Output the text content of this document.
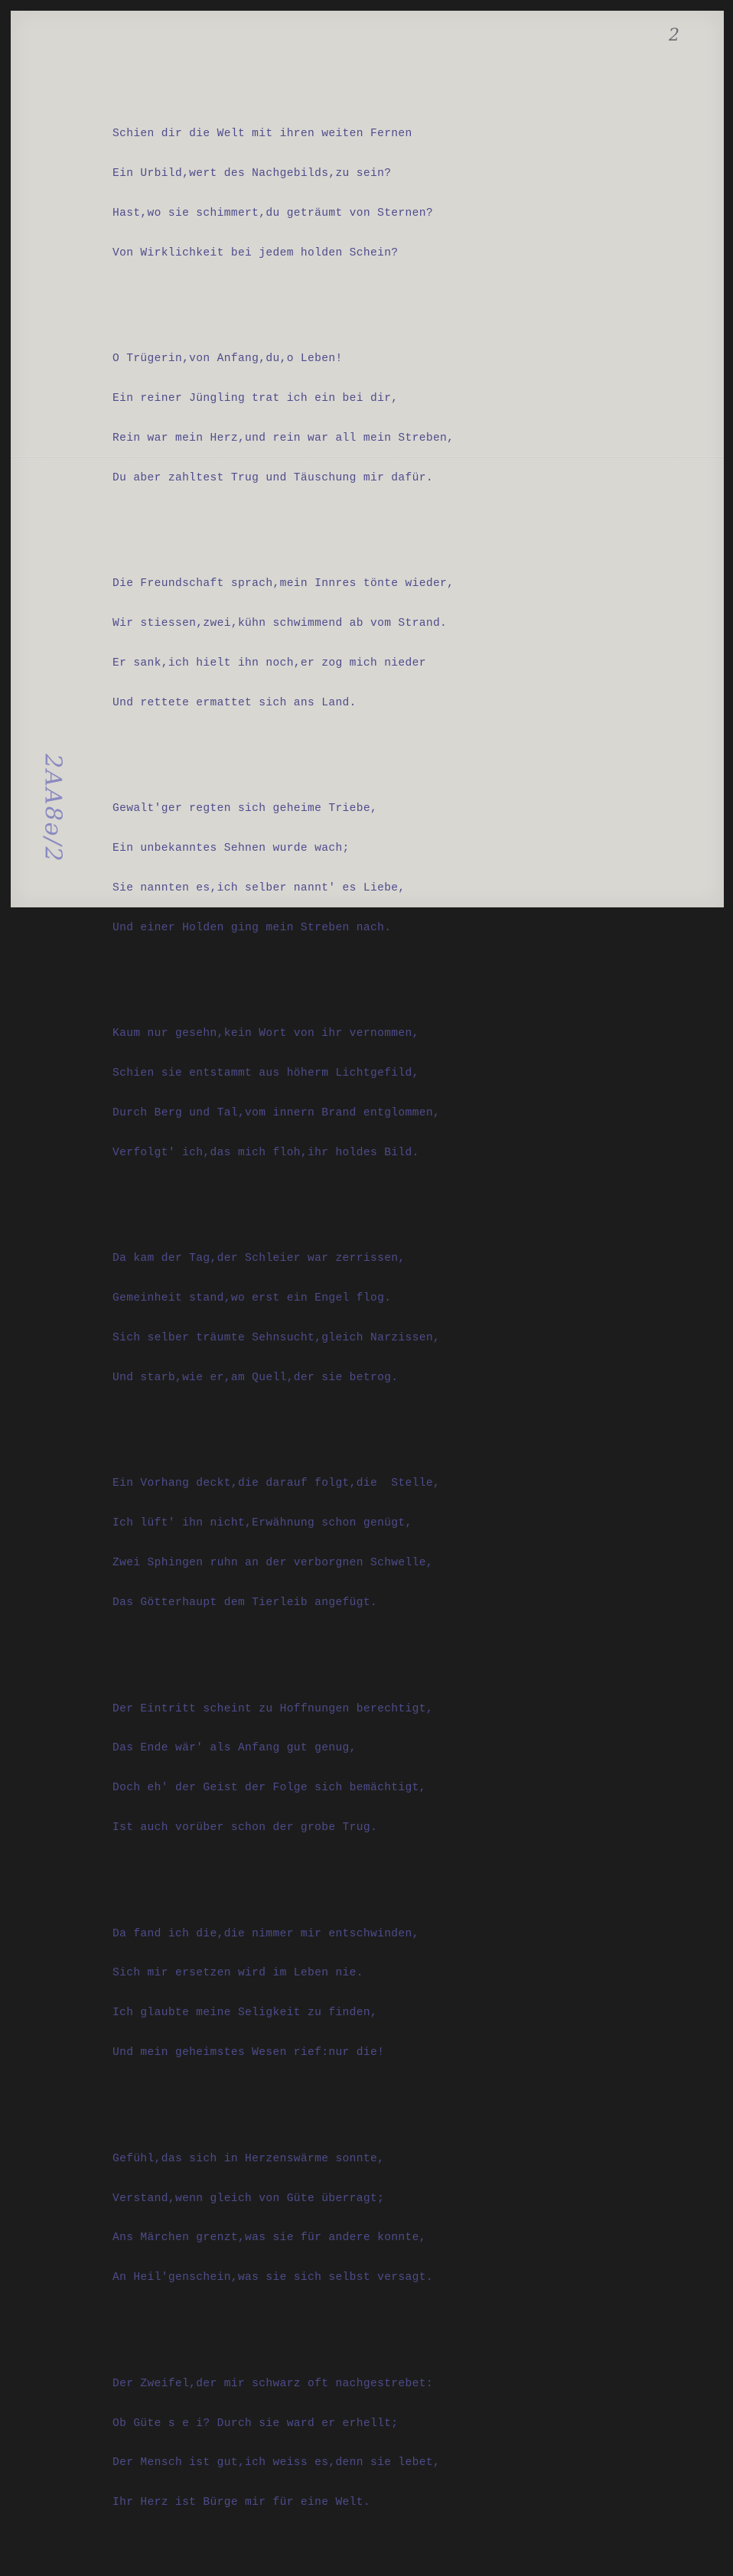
2

Schien dir die Welt mit ihren weiten Fernen

Ein Urbild,wert des Nachgebilds,zu sein?

Hast,wo sie schimmert,du geträumt von Sternen?

Von Wirklichkeit bei jedem holden Schein?

O Trügerin,von Anfang,du,o Leben!

Ein reiner Jüngling trat ich ein bei dir,

Rein war mein Herz,und rein war all mein Streben,

Du aber zahltest Trug und Täuschung mir dafür.

Die Freundschaft sprach,mein Innres tönte wieder,

Wir stiessen,zwei,kühn schwimmend ab vom Strand.

Er sank,ich hielt ihn noch,er zog mich nieder

Und rettete ermattet sich ans Land.

Gewalt'ger regten sich geheime Triebe,

Ein unbekanntes Sehnen wurde wach;

Sie nannten es,ich selber nannt' es Liebe,

Und einer Holden ging mein Streben nach.

Kaum nur gesehn,kein Wort von ihr vernommen,

Schien sie entstammt aus höherm Lichtgefild,

Durch Berg und Tal,vom innern Brand entglommen,

Verfolgt' ich,das mich floh,ihr holdes Bild.

Da kam der Tag,der Schleier war zerrissen,

Gemeinheit stand,wo erst ein Engel flog.

Sich selber träumte Sehnsucht,gleich Narzissen,

Und starb,wie er,am Quell,der sie betrog.

Ein Vorhang deckt,die darauf folgt,die  Stelle,

Ich lüft' ihn nicht,Erwähnung schon genügt,

Zwei Sphingen ruhn an der verborgnen Schwelle,

Das Götterhaupt dem Tierleib angefügt.

Der Eintritt scheint zu Hoffnungen berechtigt,

Das Ende wär' als Anfang gut genug,

Doch eh' der Geist der Folge sich bemächtigt,

Ist auch vorüber schon der grobe Trug.

Da fand ich die,die nimmer mir entschwinden,

Sich mir ersetzen wird im Leben nie.

Ich glaubte meine Seligkeit zu finden,

Und mein geheimstes Wesen rief:nur die!

Gefühl,das sich in Herzenswärme sonnte,

Verstand,wenn gleich von Güte überragt;

Ans Märchen grenzt,was sie für andere konnte,

An Heil'genschein,was sie sich selbst versagt.

Der Zweifel,der mir schwarz oft nachgestrebet:

Ob Güte s e i? Durch sie ward er erhellt;

Der Mensch ist gut,ich weiss es,denn sie lebet,

Ihr Herz ist Bürge mir für eine Welt.

2AA8ǝ/2
